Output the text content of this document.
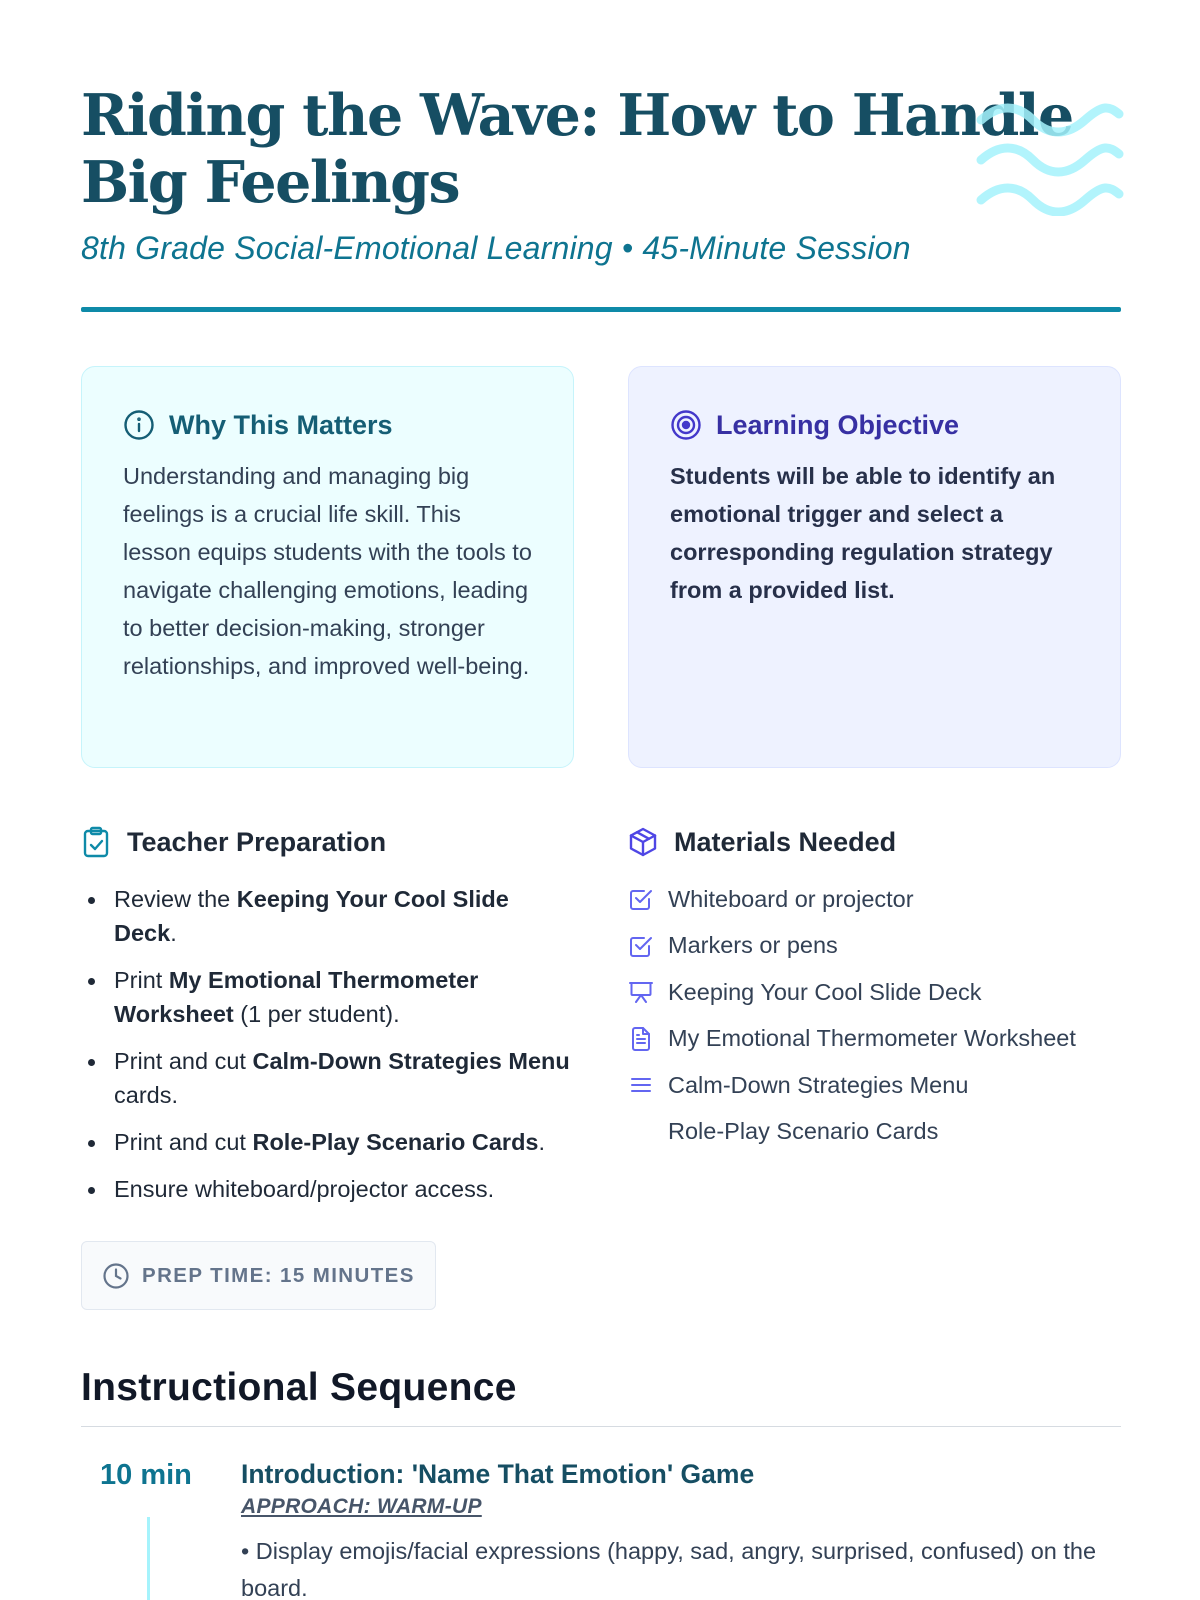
Riding the Wave: How to Handle Big Feelings
8th Grade Social-Emotional Learning • 45-Minute Session
Why This Matters

Understanding and managing big feelings is a crucial life skill. This lesson equips students with the tools to navigate challenging emotions, leading to better decision-making, stronger relationships, and improved well-being.

Learning Objective

Students will be able to identify an emotional trigger and select a corresponding regulation strategy from a provided list.

Teacher Preparation
Review the Keeping Your Cool Slide Deck.
Print My Emotional Thermometer Worksheet (1 per student).
Print and cut Calm-Down Strategies Menu cards.
Print and cut Role-Play Scenario Cards.
Ensure whiteboard/projector access.
PREP TIME: 15 MINUTES
Materials Needed
Whiteboard or projector
Markers or pens
Keeping Your Cool Slide Deck
My Emotional Thermometer Worksheet
Calm-Down Strategies Menu
Role-Play Scenario Cards
Instructional Sequence
10 min Introduction: 'Name That Emotion' Game
APPROACH: WARM-UP
• Display emojis/facial expressions (happy, sad, angry, surprised, confused) on the board.
